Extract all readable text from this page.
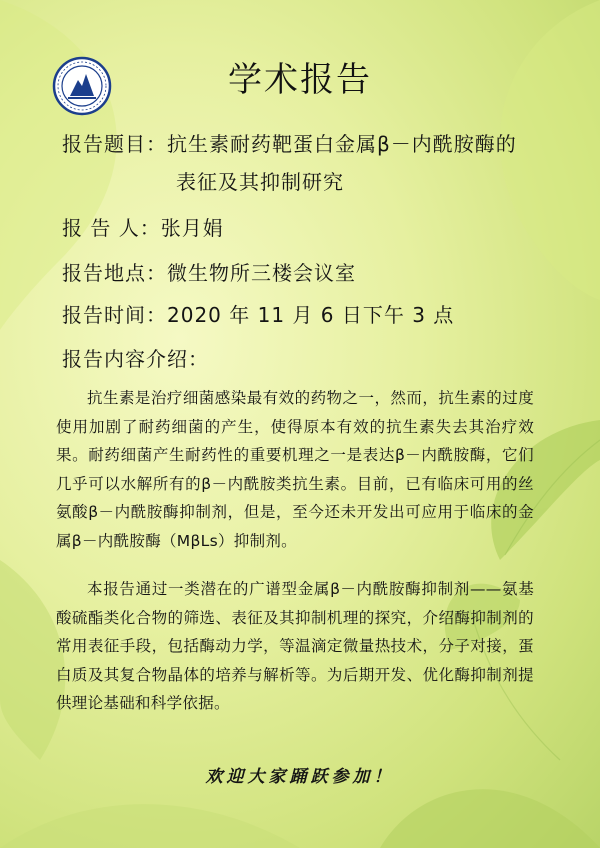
学术报告
报告题目：抗生素耐药靶蛋白金属β－内酰胺酶的
表征及其抑制研究
报 告 人：张月娟
报告地点：微生物所三楼会议室
报告时间：2020 年 11 月 6 日下午 3 点
报告内容介绍：
抗生素是治疗细菌感染最有效的药物之一，然而，抗生素的过度使用加剧了耐药细菌的产生，使得原本有效的抗生素失去其治疗效果。耐药细菌产生耐药性的重要机理之一是表达β－内酰胺酶，它们几乎可以水解所有的β－内酰胺类抗生素。目前，已有临床可用的丝氨酸β－内酰胺酶抑制剂，但是，至今还未开发出可应用于临床的金属β－内酰胺酶（MβLs）抑制剂。
本报告通过一类潜在的广谱型金属β－内酰胺酶抑制剂——氨基酸硫酯类化合物的筛选、表征及其抑制机理的探究，介绍酶抑制剂的常用表征手段，包括酶动力学，等温滴定微量热技术，分子对接，蛋白质及其复合物晶体的培养与解析等。为后期开发、优化酶抑制剂提供理论基础和科学依据。
欢迎大家踊跃参加！
